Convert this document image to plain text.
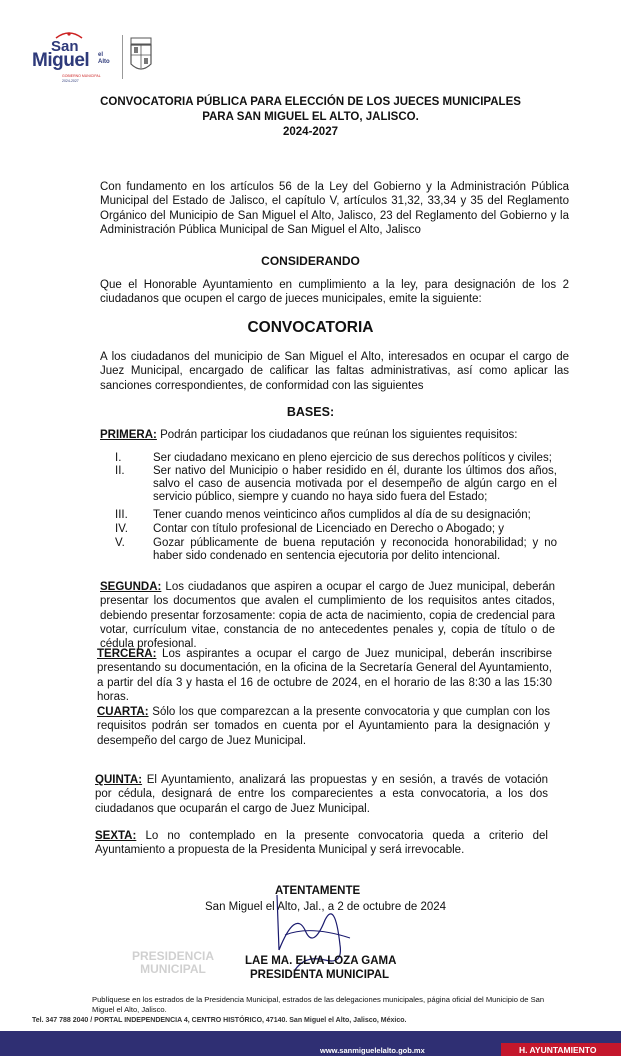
San
Miguel el
Alto
GOBIERNO MUNICIPAL
2024-2027
CONVOCATORIA PÚBLICA PARA ELECCIÓN DE LOS JUECES MUNICIPALES
PARA SAN MIGUEL EL ALTO, JALISCO.
2024-2027
Con fundamento en los artículos 56 de la Ley del Gobierno y la Administración Pública Municipal del Estado de Jalisco, el capítulo V, artículos 31,32, 33,34 y 35 del Reglamento Orgánico del Municipio de San Miguel el Alto, Jalisco, 23 del Reglamento del Gobierno y la Administración Pública Municipal de San Miguel el Alto, Jalisco
CONSIDERANDO
Que el Honorable Ayuntamiento en cumplimiento a la ley, para designación de los 2 ciudadanos que ocupen el cargo de jueces municipales, emite la siguiente:
CONVOCATORIA
A los ciudadanos del municipio de San Miguel el Alto, interesados en ocupar el cargo de Juez Municipal, encargado de calificar las faltas administrativas, así como aplicar las sanciones correspondientes, de conformidad con las siguientes
BASES:
PRIMERA: Podrán participar los ciudadanos que reúnan los siguientes requisitos:
I.	Ser ciudadano mexicano en pleno ejercicio de sus derechos políticos y civiles;
II.	Ser nativo del Municipio o haber residido en él, durante los últimos dos años, salvo el caso de ausencia motivada por el desempeño de algún cargo en el servicio público, siempre y cuando no haya sido fuera del Estado;
III.	Tener cuando menos veinticinco años cumplidos al día de su designación;
IV.	Contar con título profesional de Licenciado en Derecho o Abogado; y
V.	Gozar públicamente de buena reputación y reconocida honorabilidad; y no haber sido condenado en sentencia ejecutoria por delito intencional.
SEGUNDA: Los ciudadanos que aspiren a ocupar el cargo de Juez municipal, deberán presentar los documentos que avalen el cumplimiento de los requisitos antes citados, debiendo presentar forzosamente: copia de acta de nacimiento, copia de credencial para votar, currículum vitae, constancia de no antecedentes penales y, copia de título o de cédula profesional.
TERCERA: Los aspirantes a ocupar el cargo de Juez municipal, deberán inscribirse presentando su documentación, en la oficina de la Secretaría General del Ayuntamiento, a partir del día 3 y hasta el 16 de octubre de 2024, en el horario de las 8:30 a las 15:30 horas.
CUARTA: Sólo los que comparezcan a la presente convocatoria y que cumplan con los requisitos podrán ser tomados en cuenta por el Ayuntamiento para la designación y desempeño del cargo de Juez Municipal.
QUINTA: El Ayuntamiento, analizará las propuestas y en sesión, a través de votación por cédula, designará de entre los comparecientes a esta convocatoria, a los dos ciudadanos que ocuparán el cargo de Juez Municipal.
SEXTA: Lo no contemplado en la presente convocatoria queda a criterio del Ayuntamiento a propuesta de la Presidenta Municipal y será irrevocable.
PRESIDENCIA
MUNICIPAL
ATENTAMENTE
San Miguel el Alto, Jal., a 2 de octubre de 2024
LAE MA. ELVA LOZA GAMA
PRESIDENTA MUNICIPAL
Publíquese en los estrados de la Presidencia Municipal, estrados de las delegaciones municipales, página oficial del Municipio de San Miguel el Alto, Jalisco.
Tel. 347 788 2040 / PORTAL INDEPENDENCIA 4, CENTRO HISTÓRICO, 47140. San Miguel el Alto, Jalisco, México.
www.sanmiguelelalto.gob.mx	H. AYUNTAMIENTO
